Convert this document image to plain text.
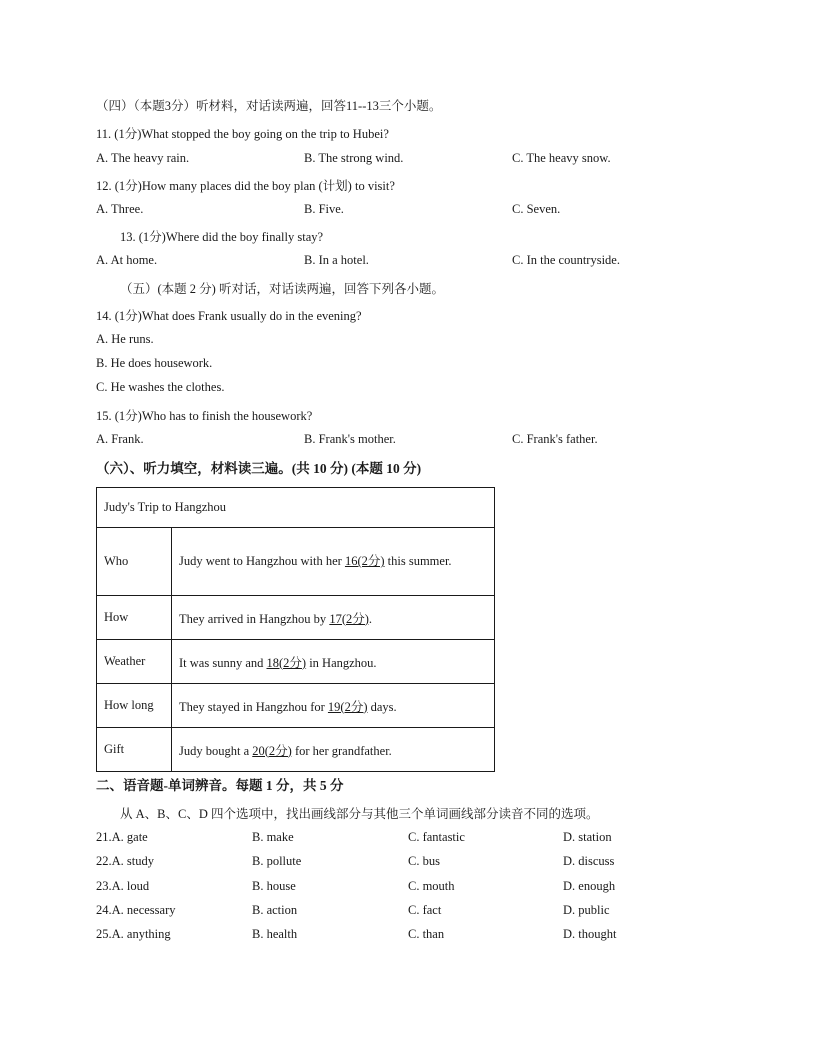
（四）（本题3分）听材料，对话读两遍，回答11--13三个小题。
11. (1分)What stopped the boy going on the trip to Hubei?
A. The heavy rain.	B. The strong wind.	C. The heavy snow.
12. (1分)How many places did the boy plan (计划) to visit?
A. Three.	B. Five.	C. Seven.
13. (1分)Where did the boy finally stay?
A. At home.	B. In a hotel.	C. In the countryside.
（五）(本题 2 分) 听对话，对话读两遍，回答下列各小题。
14. (1分)What does Frank usually do in the evening?
A. He runs.
B. He does housework.
C. He washes the clothes.
15. (1分)Who has to finish the housework?
A. Frank.	B. Frank's mother.	C. Frank's father.
（六）、听力填空，材料读三遍。(共 10 分) (本题 10 分)
Judy's Trip to Hangzhou	
Who	Judy went to Hangzhou with her 16(2分) this summer.
How	They arrived in Hangzhou by 17(2分).
Weather	It was sunny and 18(2分) in Hangzhou.
How long	They stayed in Hangzhou for 19(2分) days.
Gift	Judy bought a 20(2分) for her grandfather.
二、语音题-单词辨音。每题 1 分，共 5 分
从 A、B、C、D 四个选项中，找出画线部分与其他三个单词画线部分读音不同的选项。
21.A. gate	B. make	C. fantastic	D. station
22.A. study	B. pollute	C. bus	D. discuss
23.A. loud	B. house	C. mouth	D. enough
24.A. necessary	B. action	C. fact	D. public
25.A. anything	B. health	C. than	D. thought
